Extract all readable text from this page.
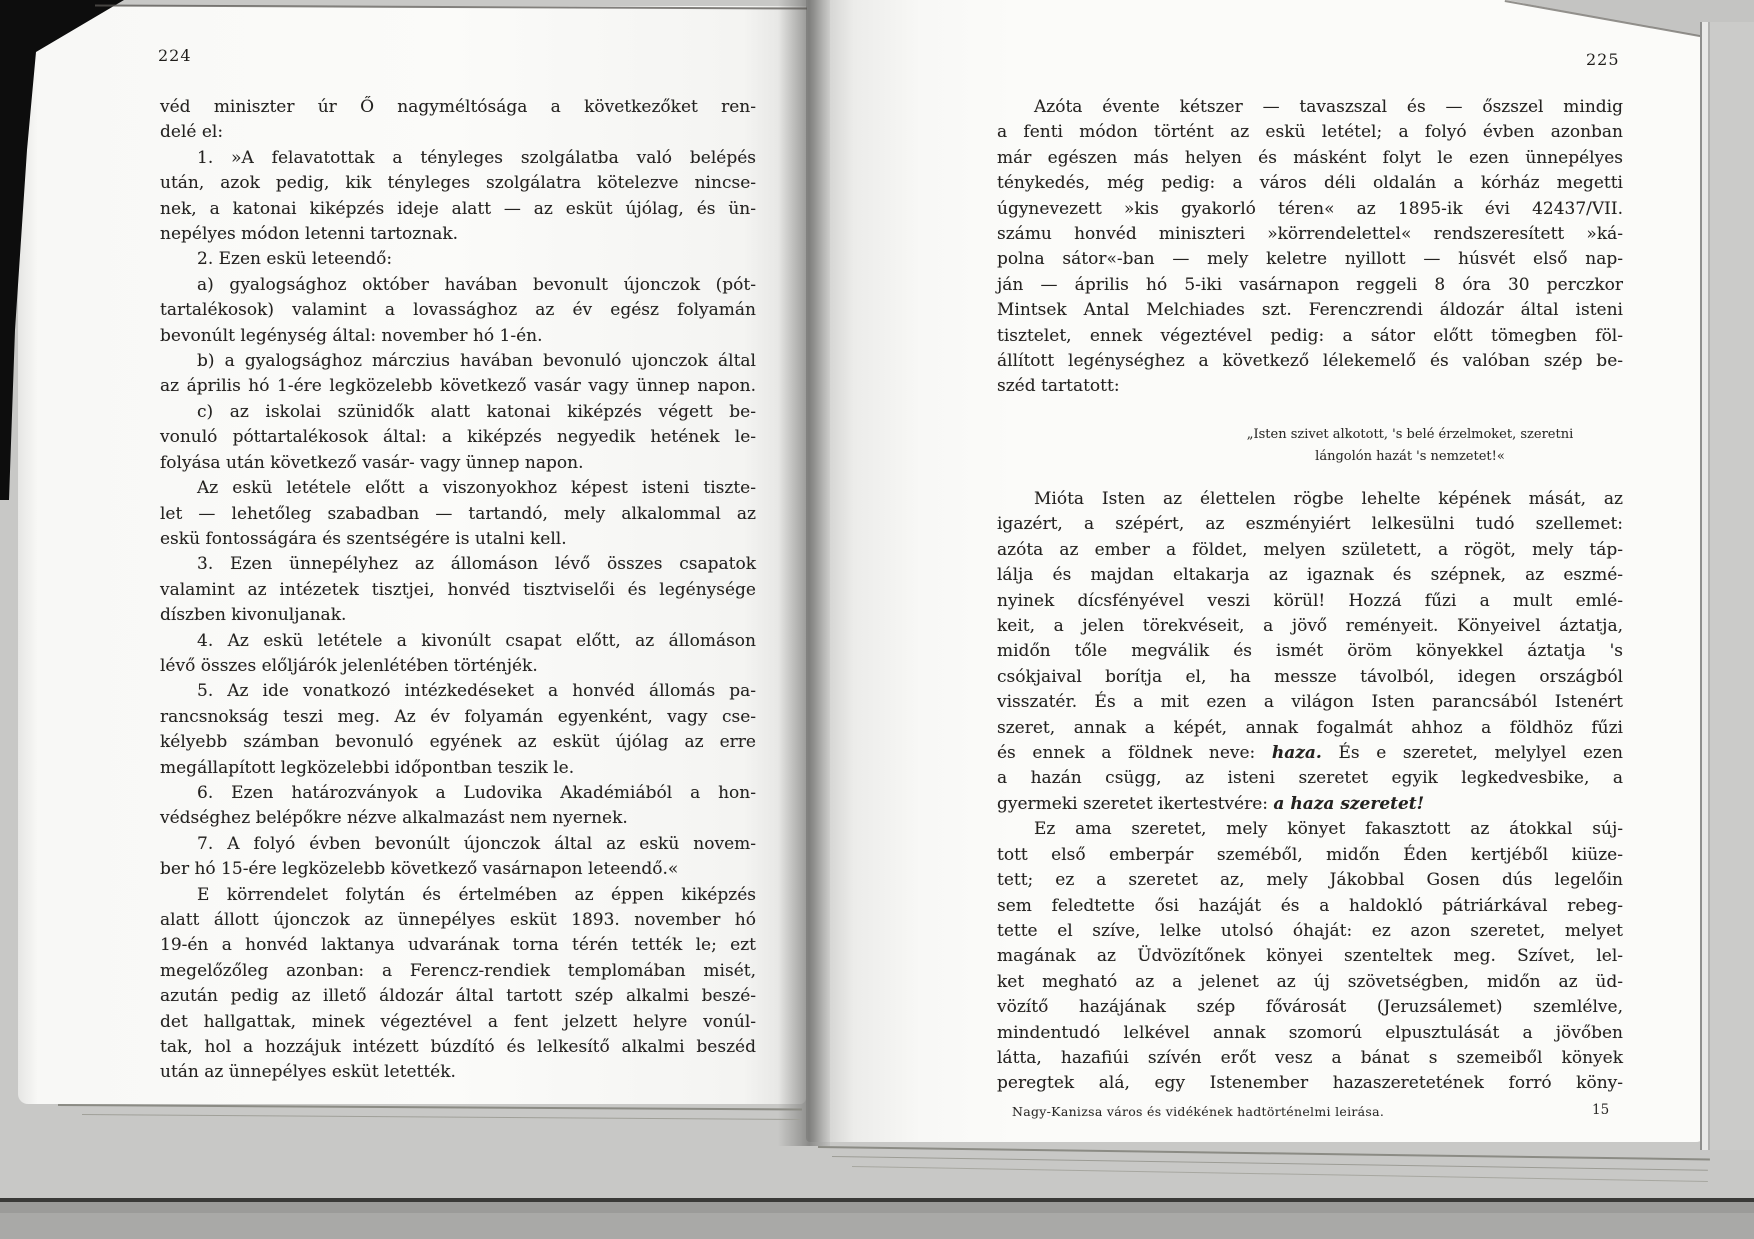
224	225
véd miniszter úr Ő nagyméltósága a következőket ren-
delé el:
1. »A felavatottak a tényleges szolgálatba való belépés
után, azok pedig, kik tényleges szolgálatra kötelezve nincse-
nek, a katonai kiképzés ideje alatt — az esküt újólag, és ün-
nepélyes módon letenni tartoznak.
2. Ezen eskü leteendő:
a) gyalogsághoz október havában bevonult újonczok (pót-
tartalékosok) valamint a lovassághoz az év egész folyamán
bevonúlt legénység által: november hó 1-én.
b) a gyalogsághoz márczius havában bevonuló ujonczok által
az április hó 1-ére legközelebb következő vasár vagy ünnep napon.
c) az iskolai szünidők alatt katonai kiképzés végett be-
vonuló póttartalékosok által: a kiképzés negyedik hetének le-
folyása után következő vasár- vagy ünnep napon.
Az eskü letétele előtt a viszonyokhoz képest isteni tiszte-
let — lehetőleg szabadban — tartandó, mely alkalommal az
eskü fontosságára és szentségére is utalni kell.
3. Ezen ünnepélyhez az állomáson lévő összes csapatok
valamint az intézetek tisztjei, honvéd tisztviselői és legénysége
díszben kivonuljanak.
4. Az eskü letétele a kivonúlt csapat előtt, az állomáson
lévő összes előljárók jelenlétében történjék.
5. Az ide vonatkozó intézkedéseket a honvéd állomás pa-
rancsnokság teszi meg. Az év folyamán egyenként, vagy cse-
kélyebb számban bevonuló egyének az esküt újólag az erre
megállapított legközelebbi időpontban teszik le.
6. Ezen határozványok a Ludovika Akadémiából a hon-
védséghez belépőkre nézve alkalmazást nem nyernek.
7. A folyó évben bevonúlt újonczok által az eskü novem-
ber hó 15-ére legközelebb következő vasárnapon leteendő.«
E körrendelet folytán és értelmében az éppen kiképzés
alatt állott újonczok az ünnepélyes esküt 1893. november hó
19-én a honvéd laktanya udvarának torna térén tették le; ezt
megelőzőleg azonban: a Ferencz-rendiek templomában misét,
azután pedig az illető áldozár által tartott szép alkalmi beszé-
det hallgattak, minek végeztével a fent jelzett helyre vonúl-
tak, hol a hozzájuk intézett búzdító és lelkesítő alkalmi beszéd
után az ünnepélyes esküt letették.
Azóta évente kétszer — tavaszszal és — őszszel mindig
a fenti módon történt az eskü letétel; a folyó évben azonban
már egészen más helyen és másként folyt le ezen ünnepélyes
ténykedés, még pedig: a város déli oldalán a kórház megetti
úgynevezett »kis gyakorló téren« az 1895-ik évi 42437/VII.
számu honvéd miniszteri »körrendelettel« rendszeresített »ká-
polna sátor«-ban — mely keletre nyillott — húsvét első nap-
ján — április hó 5-iki vasárnapon reggeli 8 óra 30 perczkor
Mintsek Antal Melchiades szt. Ferenczrendi áldozár által isteni
tisztelet, ennek végeztével pedig: a sátor előtt tömegben föl-
állított legénységhez a következő lélekemelő és valóban szép be-
széd tartatott:
„Isten szivet alkotott, 's belé érzelmoket, szeretni
lángolón hazát 's nemzetet!«
Mióta Isten az élettelen rögbe lehelte képének mását, az
igazért, a szépért, az eszményiért lelkesülni tudó szellemet:
azóta az ember a földet, melyen született, a rögöt, mely táp-
lálja és majdan eltakarja az igaznak és szépnek, az eszmé-
nyinek dícsfényével veszi körül! Hozzá fűzi a mult emlé-
keit, a jelen törekvéseit, a jövő reményeit. Könyeivel áztatja,
midőn tőle megválik és ismét öröm könyekkel áztatja 's
csókjaival borítja el, ha messze távolból, idegen országból
visszatér. És a mit ezen a világon Isten parancsából Istenért
szeret, annak a képét, annak fogalmát ahhoz a földhöz fűzi
és ennek a földnek neve: haza. És e szeretet, melylyel ezen
a hazán csügg, az isteni szeretet egyik legkedvesbike, a
gyermeki szeretet ikertestvére: a haza szeretet!
Ez ama szeretet, mely könyet fakasztott az átokkal súj-
tott első emberpár szeméből, midőn Éden kertjéből kiüze-
tett; ez a szeretet az, mely Jákobbal Gosen dús legelőin
sem feledtette ősi hazáját és a haldokló pátriárkával rebeg-
tette el szíve, lelke utolsó óhaját: ez azon szeretet, melyet
magának az Üdvözítőnek könyei szenteltek meg. Szívet, lel-
ket megható az a jelenet az új szövetségben, midőn az üd-
vözítő hazájának szép fővárosát (Jeruzsálemet) szemlélve,
mindentudó lelkével annak szomorú elpusztulását a jövőben
látta, hazafiúi szívén erőt vesz a bánat s szemeiből könyek
peregtek alá, egy Istenember hazaszeretetének forró köny-
Nagy-Kanizsa város és vidékének hadtörténelmi leirása.	15
